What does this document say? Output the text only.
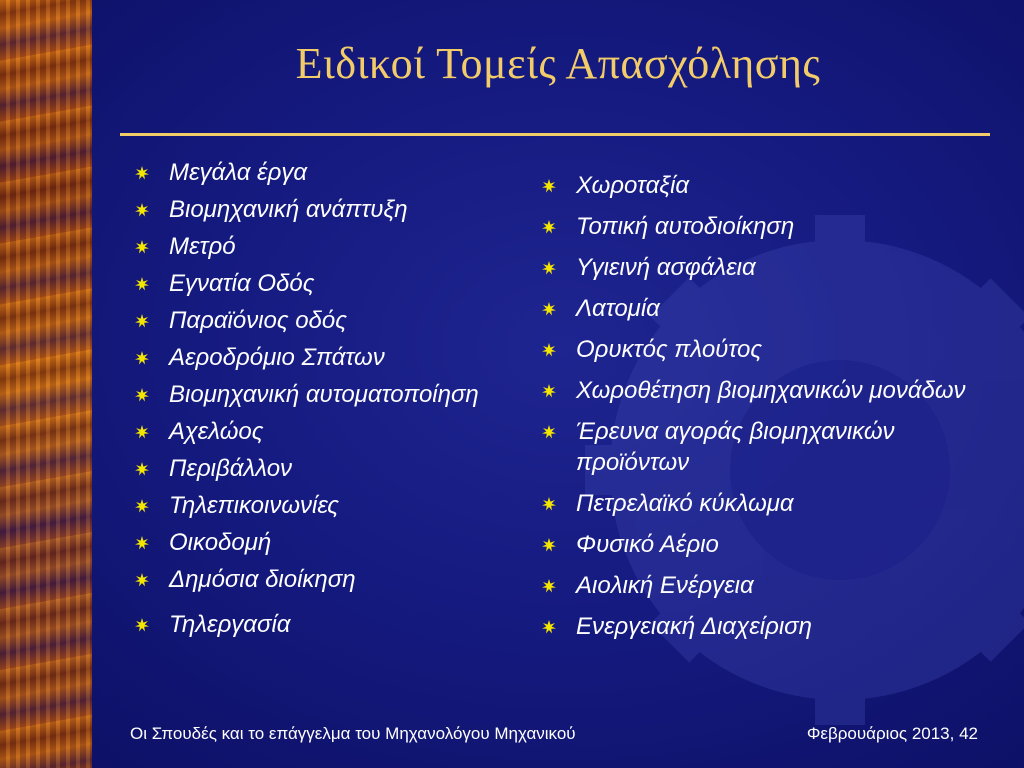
Ειδικοί Τομείς Απασχόλησης
Μεγάλα έργα
Βιομηχανική ανάπτυξη
Μετρό
Εγνατία Οδός
Παραϊόνιος οδός
Αεροδρόμιο Σπάτων
Βιομηχανική αυτοματοποίηση
Αχελώος
Περιβάλλον
Τηλεπικοινωνίες
Οικοδομή
Δημόσια διοίκηση
Τηλεργασία
Χωροταξία
Τοπική αυτοδιοίκηση
Υγιεινή ασφάλεια
Λατομία
Ορυκτός πλούτος
Χωροθέτηση βιομηχανικών μονάδων
Έρευνα αγοράς βιομηχανικών προϊόντων
Πετρελαϊκό κύκλωμα
Φυσικό Αέριο
Αιολική Ενέργεια
Ενεργειακή Διαχείριση
Οι Σπουδές και το επάγγελμα του Μηχανολόγου Μηχανικού	Φεβρουάριος 2013, 42
